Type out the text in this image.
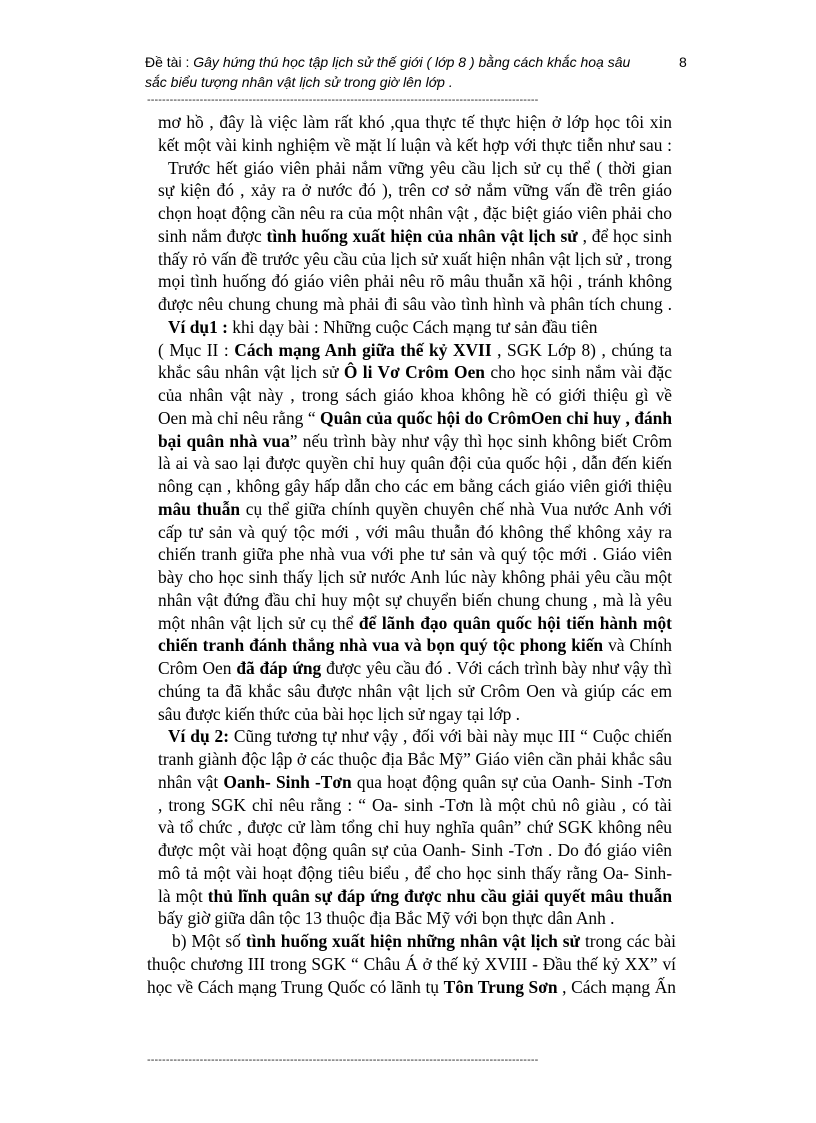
Đề tài : Gây hứng thú học tập lịch sử thế giới ( lớp 8 ) bằng cách khắc hoạ sâu
sắc biểu tượng nhân vật lịch sử trong giờ lên lớp .
8
--------------------------------------------------------------------------------------------------------
mơ hồ , đây là việc làm rất khó ,qua thực tế thực hiện ở lớp học tôi xin
kết một vài kinh nghiệm về mặt lí luận và kết hợp với thực tiễn như sau :
Trước hết giáo viên phải nắm vững yêu cầu lịch sử cụ thể ( thời gian
sự kiện đó , xảy ra ở nước đó ), trên cơ sở nắm vững vấn đề trên giáo
chọn hoạt động cần nêu ra của một nhân vật , đặc biệt giáo viên phải cho
sinh nắm được tình huống xuất hiện của nhân vật lịch sử , để học sinh
thấy rỏ vấn đề trước yêu cầu của lịch sử xuất hiện nhân vật lịch sử , trong
mọi tình huống đó giáo viên phải nêu rõ mâu thuẫn xã hội , tránh không
được nêu chung chung mà phải đi sâu vào tình hình và phân tích chung .
Ví dụ1 : khi dạy bài : Những cuộc Cách mạng tư sản đầu tiên
( Mục II : Cách mạng Anh giữa thế kỷ XVII , SGK Lớp 8) , chúng ta
khắc sâu nhân vật lịch sử Ô li Vơ Crôm Oen cho học sinh nắm vài đặc
của nhân vật này , trong sách giáo khoa không hề có giới thiệu gì về
Oen mà chỉ nêu rằng “ Quân của quốc hội do CrômOen chỉ huy , đánh
bại quân nhà vua” nếu trình bày như vậy thì học sinh không biết Crôm
là ai và sao lại được quyền chỉ huy quân đội của quốc hội , dẫn đến kiến
nông cạn , không gây hấp dẫn cho các em bằng cách giáo viên giới thiệu
mâu thuẫn cụ thể giữa chính quyền chuyên chế nhà Vua nước Anh với
cấp tư sản và quý tộc mới , với mâu thuẫn đó không thể không xảy ra
chiến tranh giữa phe nhà vua với phe tư sản và quý tộc mới . Giáo viên
bày cho học sinh thấy lịch sử nước Anh lúc này không phải yêu cầu một
nhân vật đứng đầu chỉ huy một sự chuyển biến chung chung , mà là yêu
một nhân vật lịch sử cụ thể để lãnh đạo quân quốc hội tiến hành một
chiến tranh đánh thắng nhà vua và bọn quý tộc phong kiến và Chính
Crôm Oen đã đáp ứng được yêu cầu đó . Với cách trình bày như vậy thì
chúng ta đã khắc sâu được nhân vật lịch sử Crôm Oen và giúp các em
sâu được kiến thức của bài học lịch sử ngay tại lớp .
Ví dụ 2: Cũng tương tự như vậy , đối với bài này mục III “ Cuộc chiến
tranh giành độc lập ở các thuộc địa Bắc Mỹ” Giáo viên cần phải khắc sâu
nhân vật Oanh- Sinh -Tơn qua hoạt động quân sự của Oanh- Sinh -Tơn
, trong SGK chỉ nêu rằng : “ Oa- sinh -Tơn là một chủ nô giàu , có tài
và tổ chức , được cử làm tổng chỉ huy nghĩa quân” chứ SGK không nêu
được một vài hoạt động quân sự của Oanh- Sinh -Tơn . Do đó giáo viên
mô tả một vài hoạt động tiêu biểu , để cho học sinh thấy rằng Oa- Sinh-
là một thủ lĩnh quân sự đáp ứng được nhu cầu giải quyết mâu thuẫn
bấy giờ giữa dân tộc 13 thuộc địa Bắc Mỹ với bọn thực dân Anh .
b) Một số tình huống xuất hiện những nhân vật lịch sử trong các bài
thuộc chương III trong SGK “ Châu Á ở thế kỷ XVIII - Đầu thế kỷ XX” ví
học về Cách mạng Trung Quốc có lãnh tụ Tôn Trung Sơn , Cách mạng Ấn
--------------------------------------------------------------------------------------------------------
